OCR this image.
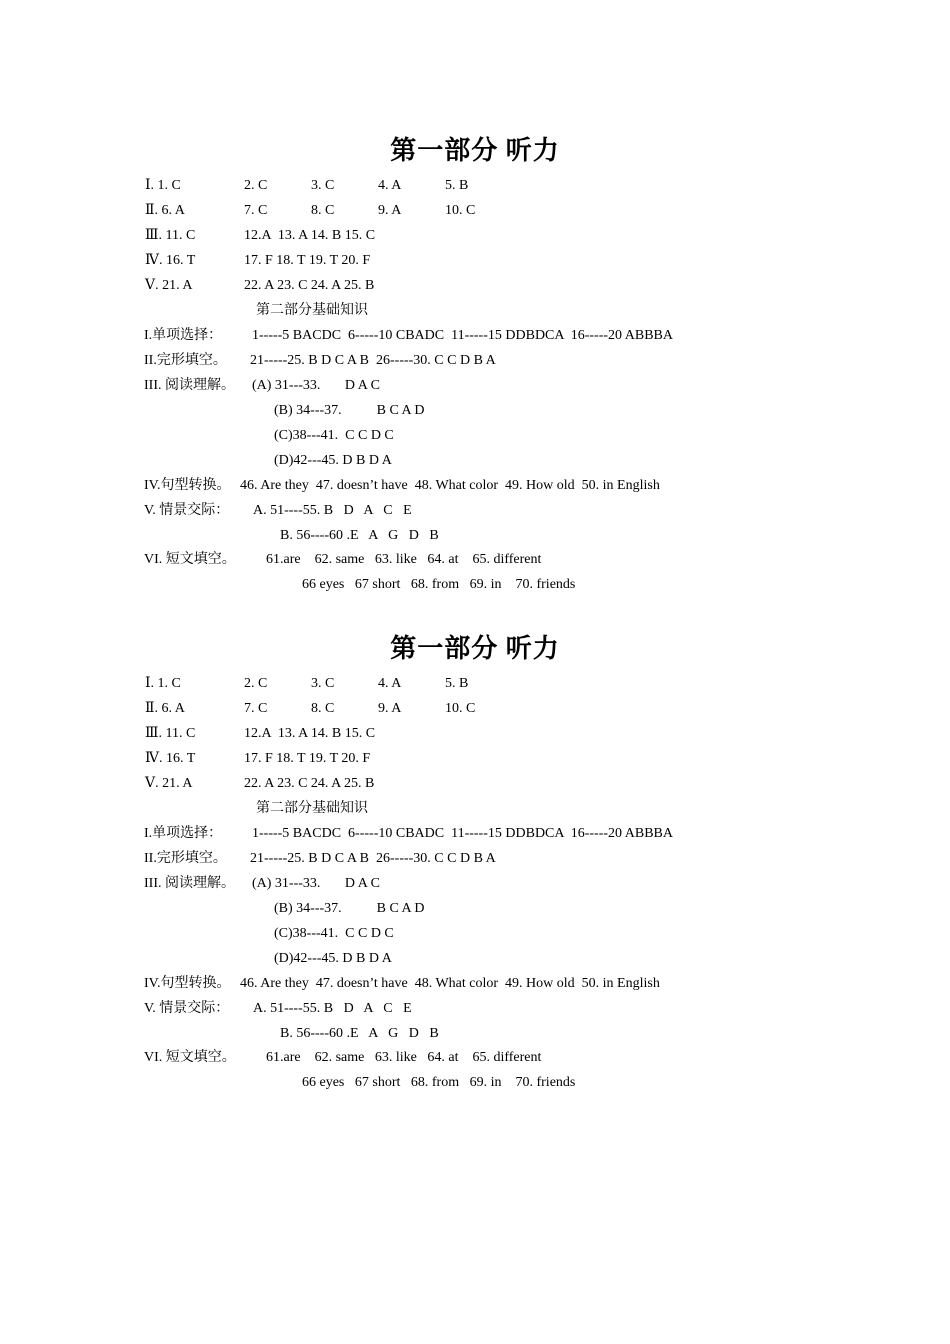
第一部分 听力
Ⅰ. 1. C	2. C	3. C	4. A	5. B
Ⅱ. 6. A	7. C	8. C	9. A	10. C
Ⅲ. 11. C	12.A  13. A 14. B 15. C
Ⅳ. 16. T	17. F 18. T 19. T 20. F
Ⅴ. 21. A	22. A 23. C 24. A 25. B
第二部分基础知识
I.单项选择： 1-----5 BACDC  6-----10 CBADC  11-----15 DDBDCA  16-----20 ABBBA
II.完形填空。 21-----25. B D C A B  26-----30. C C D B A
III. 阅读理解。 (A) 31---33.       D A C
(B) 34---37.          B C A D
(C)38---41.  C C D C
(D)42---45. D B D A
IV.句型转换。 46. Are they  47. doesn’t have  48. What color  49. How old  50. in English
V. 情景交际： A. 51----55. B   D   A   C   E
B. 56----60 .E   A   G   D   B
VI. 短文填空。 61.are    62. same   63. like   64. at    65. different
66 eyes   67 short   68. from   69. in    70. friends
第一部分 听力
Ⅰ. 1. C	2. C	3. C	4. A	5. B
Ⅱ. 6. A	7. C	8. C	9. A	10. C
Ⅲ. 11. C	12.A  13. A 14. B 15. C
Ⅳ. 16. T	17. F 18. T 19. T 20. F
Ⅴ. 21. A	22. A 23. C 24. A 25. B
第二部分基础知识
I.单项选择： 1-----5 BACDC  6-----10 CBADC  11-----15 DDBDCA  16-----20 ABBBA
II.完形填空。 21-----25. B D C A B  26-----30. C C D B A
III. 阅读理解。 (A) 31---33.       D A C
(B) 34---37.          B C A D
(C)38---41.  C C D C
(D)42---45. D B D A
IV.句型转换。 46. Are they  47. doesn’t have  48. What color  49. How old  50. in English
V. 情景交际： A. 51----55. B   D   A   C   E
B. 56----60 .E   A   G   D   B
VI. 短文填空。 61.are    62. same   63. like   64. at    65. different
66 eyes   67 short   68. from   69. in    70. friends
